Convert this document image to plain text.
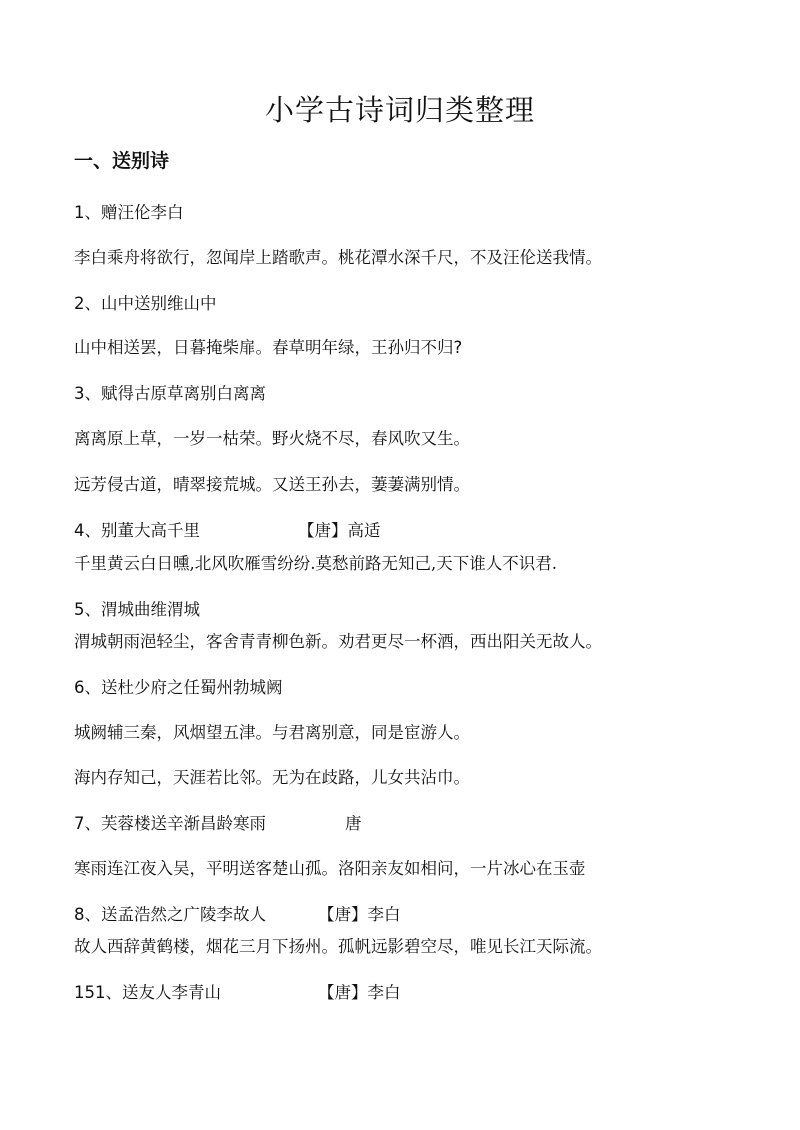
小学古诗词归类整理
一、送别诗
1、赠汪伦李白
李白乘舟将欲行，忽闻岸上踏歌声。桃花潭水深千尺，不及汪伦送我情。
2、山中送别维山中
山中相送罢，日暮掩柴扉。春草明年绿，王孙归不归?
3、赋得古原草离别白离离
离离原上草，一岁一枯荣。野火烧不尽，春风吹又生。
远芳侵古道，晴翠接荒城。又送王孙去，萋萋满别情。
4、别董大高千里	【唐】高适
千里黄云白日曛,北风吹雁雪纷纷.莫愁前路无知己,天下谁人不识君.
5、渭城曲维渭城
渭城朝雨浥轻尘，客舍青青柳色新。劝君更尽一杯酒，西出阳关无故人。
6、送杜少府之任蜀州勃城阙
城阙辅三秦，风烟望五津。与君离别意，同是宦游人。
海内存知己，天涯若比邻。无为在歧路，儿女共沾巾。
7、芙蓉楼送辛渐昌龄寒雨	唐
寒雨连江夜入吴，平明送客楚山孤。洛阳亲友如相问，一片冰心在玉壶
8、送孟浩然之广陵李故人	【唐】李白
故人西辞黄鹤楼，烟花三月下扬州。孤帆远影碧空尽，唯见长江天际流。
151、送友人李青山	【唐】李白
